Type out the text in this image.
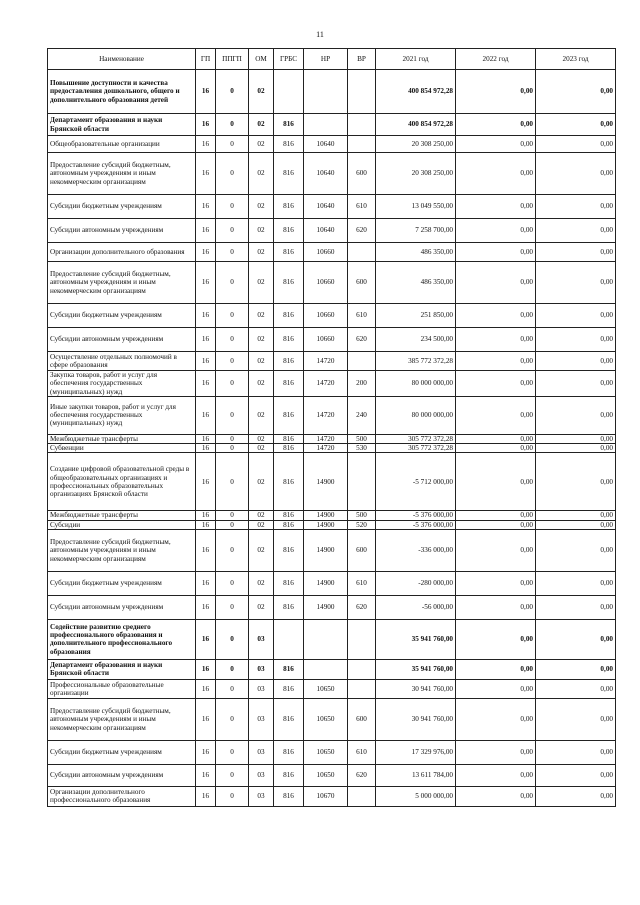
11
Наименование	ГП	ППГП	ОМ	ГРБС	НР	ВР	2021 год	2022 год	2023 год
Повышение доступности и качества предоставления дошкольного, общего и дополнительного образования детей	16	0	02				400 854 972,28	0,00	0,00
Департамент образования и науки Брянской области	16	0	02	816			400 854 972,28	0,00	0,00
Общеобразовательные организации	16	0	02	816	10640		20 308 250,00	0,00	0,00
Предоставление субсидий бюджетным, автономным учреждениям и иным некоммерческим организациям	16	0	02	816	10640	600	20 308 250,00	0,00	0,00
Субсидии бюджетным учреждениям	16	0	02	816	10640	610	13 049 550,00	0,00	0,00
Субсидии автономным учреждениям	16	0	02	816	10640	620	7 258 700,00	0,00	0,00
Организации дополнительного образования	16	0	02	816	10660		486 350,00	0,00	0,00
Предоставление субсидий бюджетным, автономным учреждениям и иным некоммерческим организациям	16	0	02	816	10660	600	486 350,00	0,00	0,00
Субсидии бюджетным учреждениям	16	0	02	816	10660	610	251 850,00	0,00	0,00
Субсидии автономным учреждениям	16	0	02	816	10660	620	234 500,00	0,00	0,00
Осуществление отдельных полномочий в сфере образования	16	0	02	816	14720		385 772 372,28	0,00	0,00
Закупка товаров, работ и услуг для обеспечения государственных (муниципальных) нужд	16	0	02	816	14720	200	80 000 000,00	0,00	0,00
Иные закупки товаров, работ и услуг для обеспечения государственных (муниципальных) нужд	16	0	02	816	14720	240	80 000 000,00	0,00	0,00
Межбюджетные трансферты	16	0	02	816	14720	500	305 772 372,28	0,00	0,00
Субвенции	16	0	02	816	14720	530	305 772 372,28	0,00	0,00
Создание цифровой образовательной среды в общеобразовательных организациях и профессиональных образовательных организациях Брянской области	16	0	02	816	14900		-5 712 000,00	0,00	0,00
Межбюджетные трансферты	16	0	02	816	14900	500	-5 376 000,00	0,00	0,00
Субсидии	16	0	02	816	14900	520	-5 376 000,00	0,00	0,00
Предоставление субсидий бюджетным, автономным учреждениям и иным некоммерческим организациям	16	0	02	816	14900	600	-336 000,00	0,00	0,00
Субсидии бюджетным учреждениям	16	0	02	816	14900	610	-280 000,00	0,00	0,00
Субсидии автономным учреждениям	16	0	02	816	14900	620	-56 000,00	0,00	0,00
Содействие развитию среднего профессионального образования и дополнительного профессионального образования	16	0	03				35 941 760,00	0,00	0,00
Департамент образования и науки Брянской области	16	0	03	816			35 941 760,00	0,00	0,00
Профессиональные образовательные организации	16	0	03	816	10650		30 941 760,00	0,00	0,00
Предоставление субсидий бюджетным, автономным учреждениям и иным некоммерческим организациям	16	0	03	816	10650	600	30 941 760,00	0,00	0,00
Субсидии бюджетным учреждениям	16	0	03	816	10650	610	17 329 976,00	0,00	0,00
Субсидии автономным учреждениям	16	0	03	816	10650	620	13 611 784,00	0,00	0,00
Организации дополнительного профессионального образования	16	0	03	816	10670		5 000 000,00	0,00	0,00
